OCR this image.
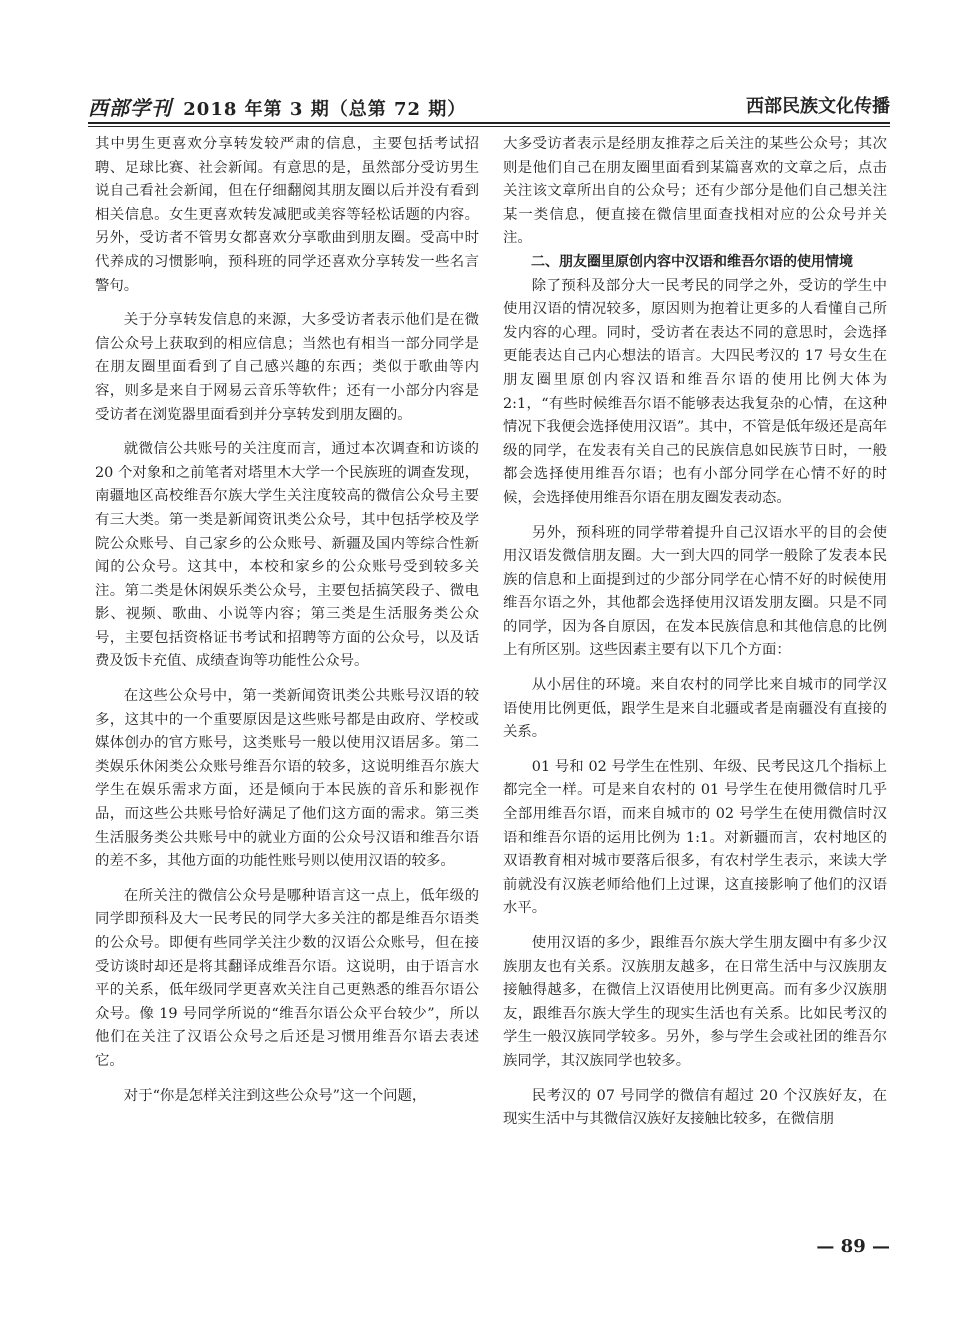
西部学刊 2018 年第 3 期（总第 72 期）	西部民族文化传播

其中男生更喜欢分享转发较严肃的信息，主要包括考试招聘、足球比赛、社会新闻。有意思的是，虽然部分受访男生说自己看社会新闻，但在仔细翻阅其朋友圈以后并没有看到相关信息。女生更喜欢转发减肥或美容等轻松话题的内容。另外，受访者不管男女都喜欢分享歌曲到朋友圈。受高中时代养成的习惯影响，预科班的同学还喜欢分享转发一些名言警句。

关于分享转发信息的来源，大多受访者表示他们是在微信公众号上获取到的相应信息；当然也有相当一部分同学是在朋友圈里面看到了自己感兴趣的东西；类似于歌曲等内容，则多是来自于网易云音乐等软件；还有一小部分内容是受访者在浏览器里面看到并分享转发到朋友圈的。

就微信公共账号的关注度而言，通过本次调查和访谈的 20 个对象和之前笔者对塔里木大学一个民族班的调查发现，南疆地区高校维吾尔族大学生关注度较高的微信公众号主要有三大类。第一类是新闻资讯类公众号，其中包括学校及学院公众账号、自己家乡的公众账号、新疆及国内等综合性新闻的公众号。这其中，本校和家乡的公众账号受到较多关注。第二类是休闲娱乐类公众号，主要包括搞笑段子、微电影、视频、歌曲、小说等内容；第三类是生活服务类公众号，主要包括资格证书考试和招聘等方面的公众号，以及话费及饭卡充值、成绩查询等功能性公众号。

在这些公众号中，第一类新闻资讯类公共账号汉语的较多，这其中的一个重要原因是这些账号都是由政府、学校或媒体创办的官方账号，这类账号一般以使用汉语居多。第二类娱乐休闲类公众账号维吾尔语的较多，这说明维吾尔族大学生在娱乐需求方面，还是倾向于本民族的音乐和影视作品，而这些公共账号恰好满足了他们这方面的需求。第三类生活服务类公共账号中的就业方面的公众号汉语和维吾尔语的差不多，其他方面的功能性账号则以使用汉语的较多。

在所关注的微信公众号是哪种语言这一点上，低年级的同学即预科及大一民考民的同学大多关注的都是维吾尔语类的公众号。即便有些同学关注少数的汉语公众账号，但在接受访谈时却还是将其翻译成维吾尔语。这说明，由于语言水平的关系，低年级同学更喜欢关注自己更熟悉的维吾尔语公众号。像 19 号同学所说的“维吾尔语公众平台较少”，所以他们在关注了汉语公众号之后还是习惯用维吾尔语去表述它。

对于“你是怎样关注到这些公众号”这一个问题，

大多受访者表示是经朋友推荐之后关注的某些公众号；其次则是他们自己在朋友圈里面看到某篇喜欢的文章之后，点击关注该文章所出自的公众号；还有少部分是他们自己想关注某一类信息，便直接在微信里面查找相对应的公众号并关注。

二、朋友圈里原创内容中汉语和维吾尔语的使用情境

除了预科及部分大一民考民的同学之外，受访的学生中使用汉语的情况较多，原因则为抱着让更多的人看懂自己所发内容的心理。同时，受访者在表达不同的意思时，会选择更能表达自己内心想法的语言。大四民考汉的 17 号女生在朋友圈里原创内容汉语和维吾尔语的使用比例大体为 2:1，“有些时候维吾尔语不能够表达我复杂的心情，在这种情况下我便会选择使用汉语”。其中，不管是低年级还是高年级的同学，在发表有关自己的民族信息如民族节日时，一般都会选择使用维吾尔语；也有小部分同学在心情不好的时候，会选择使用维吾尔语在朋友圈发表动态。

另外，预科班的同学带着提升自己汉语水平的目的会使用汉语发微信朋友圈。大一到大四的同学一般除了发表本民族的信息和上面提到过的少部分同学在心情不好的时候使用维吾尔语之外，其他都会选择使用汉语发朋友圈。只是不同的同学，因为各自原因，在发本民族信息和其他信息的比例上有所区别。这些因素主要有以下几个方面：

从小居住的环境。来自农村的同学比来自城市的同学汉语使用比例更低，跟学生是来自北疆或者是南疆没有直接的关系。

01 号和 02 号学生在性别、年级、民考民这几个指标上都完全一样。可是来自农村的 01 号学生在使用微信时几乎全部用维吾尔语，而来自城市的 02 号学生在使用微信时汉语和维吾尔语的运用比例为 1:1。对新疆而言，农村地区的双语教育相对城市要落后很多，有农村学生表示，来读大学前就没有汉族老师给他们上过课，这直接影响了他们的汉语水平。

使用汉语的多少，跟维吾尔族大学生朋友圈中有多少汉族朋友也有关系。汉族朋友越多，在日常生活中与汉族朋友接触得越多，在微信上汉语使用比例更高。而有多少汉族朋友，跟维吾尔族大学生的现实生活也有关系。比如民考汉的学生一般汉族同学较多。另外，参与学生会或社团的维吾尔族同学，其汉族同学也较多。

民考汉的 07 号同学的微信有超过 20 个汉族好友，在现实生活中与其微信汉族好友接触比较多，在微信朋

— 89 —
